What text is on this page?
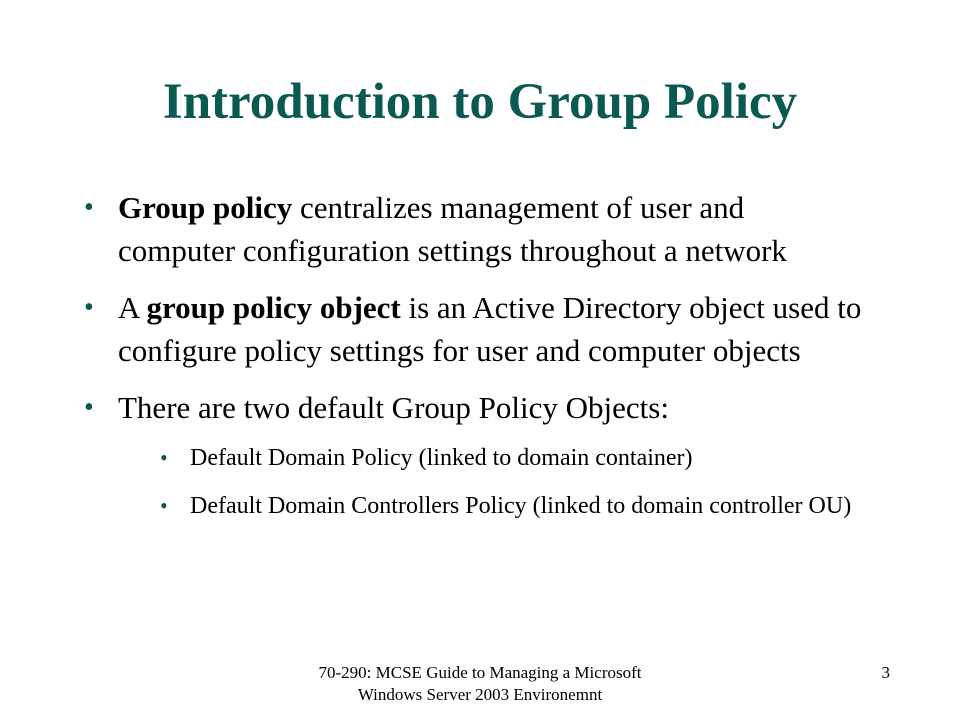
Introduction to Group Policy
• Group policy centralizes management of user and computer configuration settings throughout a network
• A group policy object is an Active Directory object used to configure policy settings for user and computer objects
• There are two default Group Policy Objects:
• Default Domain Policy (linked to domain container)
• Default Domain Controllers Policy (linked to domain controller OU)
70-290: MCSE Guide to Managing a Microsoft
Windows Server 2003 Environemnt
3
